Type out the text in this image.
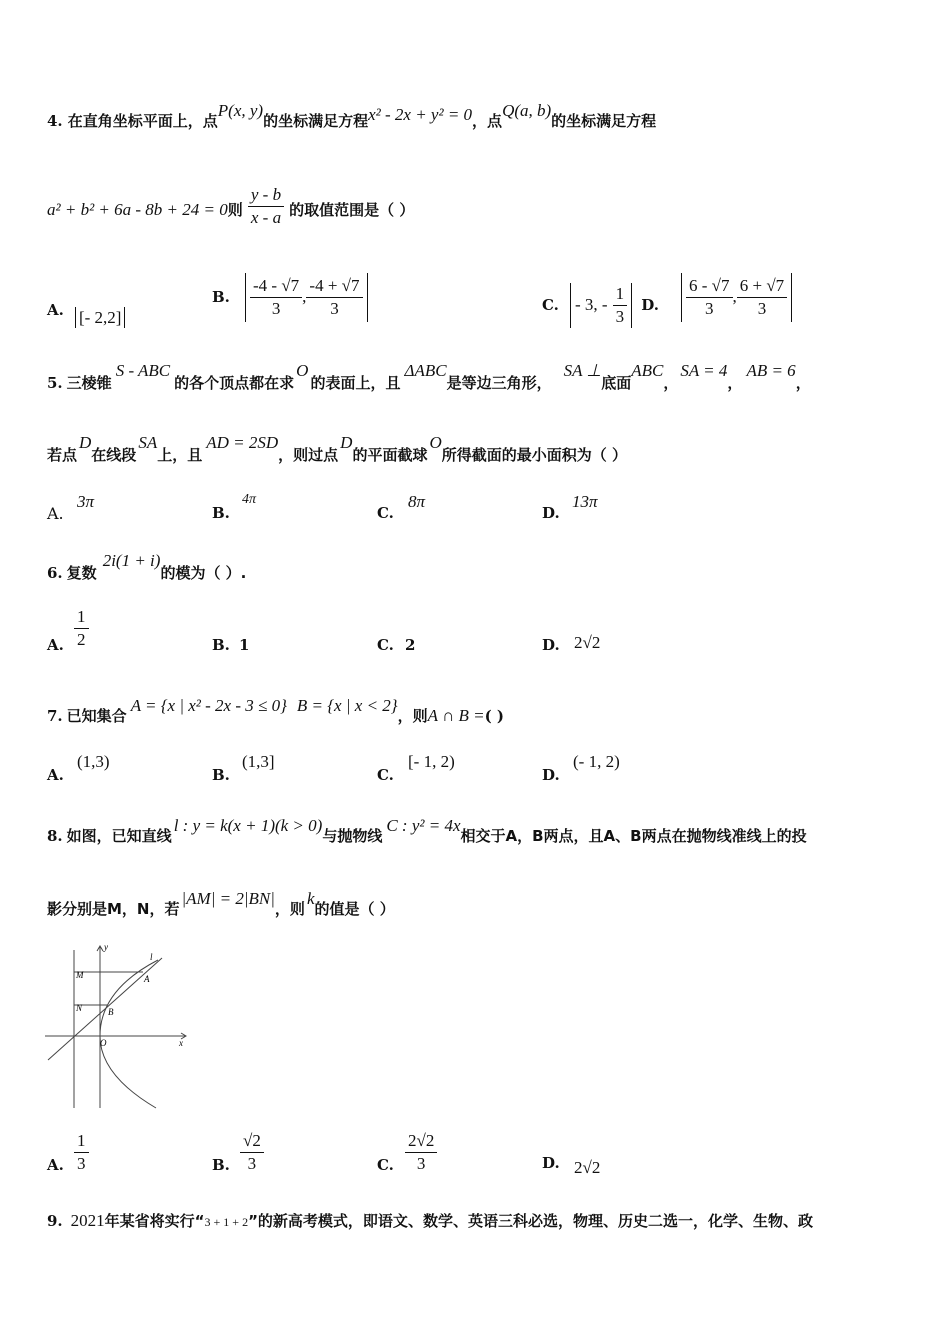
4. 在直角坐标平面上，点P(x, y)的坐标满足方程x² - 2x + y² = 0，点Q(a, b)的坐标满足方程
a² + b² + 6a - 8b + 24 = 0则 $\frac{y - b}{x - a}$ 的取值范围是（ ）
A. [- 2,2]
B. $\frac{-4 - √7}{3}$ , $\frac{-4 + √7}{3}$	C. - 3, - $\frac{1}{3} D$. $\frac{6 - √7}{3}$ , $\frac{6 + √7}{3}$
5. 三棱锥S - ABC的各个顶点都在求O的表面上，且ΔABC是等边三角形，SA ⊥底面ABC，SA = 4，AB = 6，
若点D在线段SA上，且AD = 2SD，则过点D的平面截球O所得截面的最小面积为（ ）
A.
3π
B.
4π
C.
8π
D.
13π
6. 复数2i(1 + i)的模为（ ）.
A. $\frac{1}{2}$	B. 1	C. 2	D. 2√2
7. 已知集合A = {x | x² - 2x - 3 ≤ 0} B = {x | x < 2}，则A ∩ B =( )
A.
(1,3)
B.
(1,3]
C.
[- 1, 2)
D.
(- 1, 2)
8. 如图，已知直线l : y = k(x + 1)(k > 0)与抛物线C : y² = 4x相交于A，B两点，且A、B两点在抛物线准线上的投
影分别是M，N，若|AM| = 2|BN|，则k的值是（ ）
l
A
B
M
N
O
y
x
A. $\frac{1}{3}$	B. $\frac{√2}{3}$	C. $\frac{2√2}{3}$	D. 2√2
9. 2021年某省将实行“3 + 1 + 2”的新高考模式，即语文、数学、英语三科必选，物理、历史二选一，化学、生物、政
